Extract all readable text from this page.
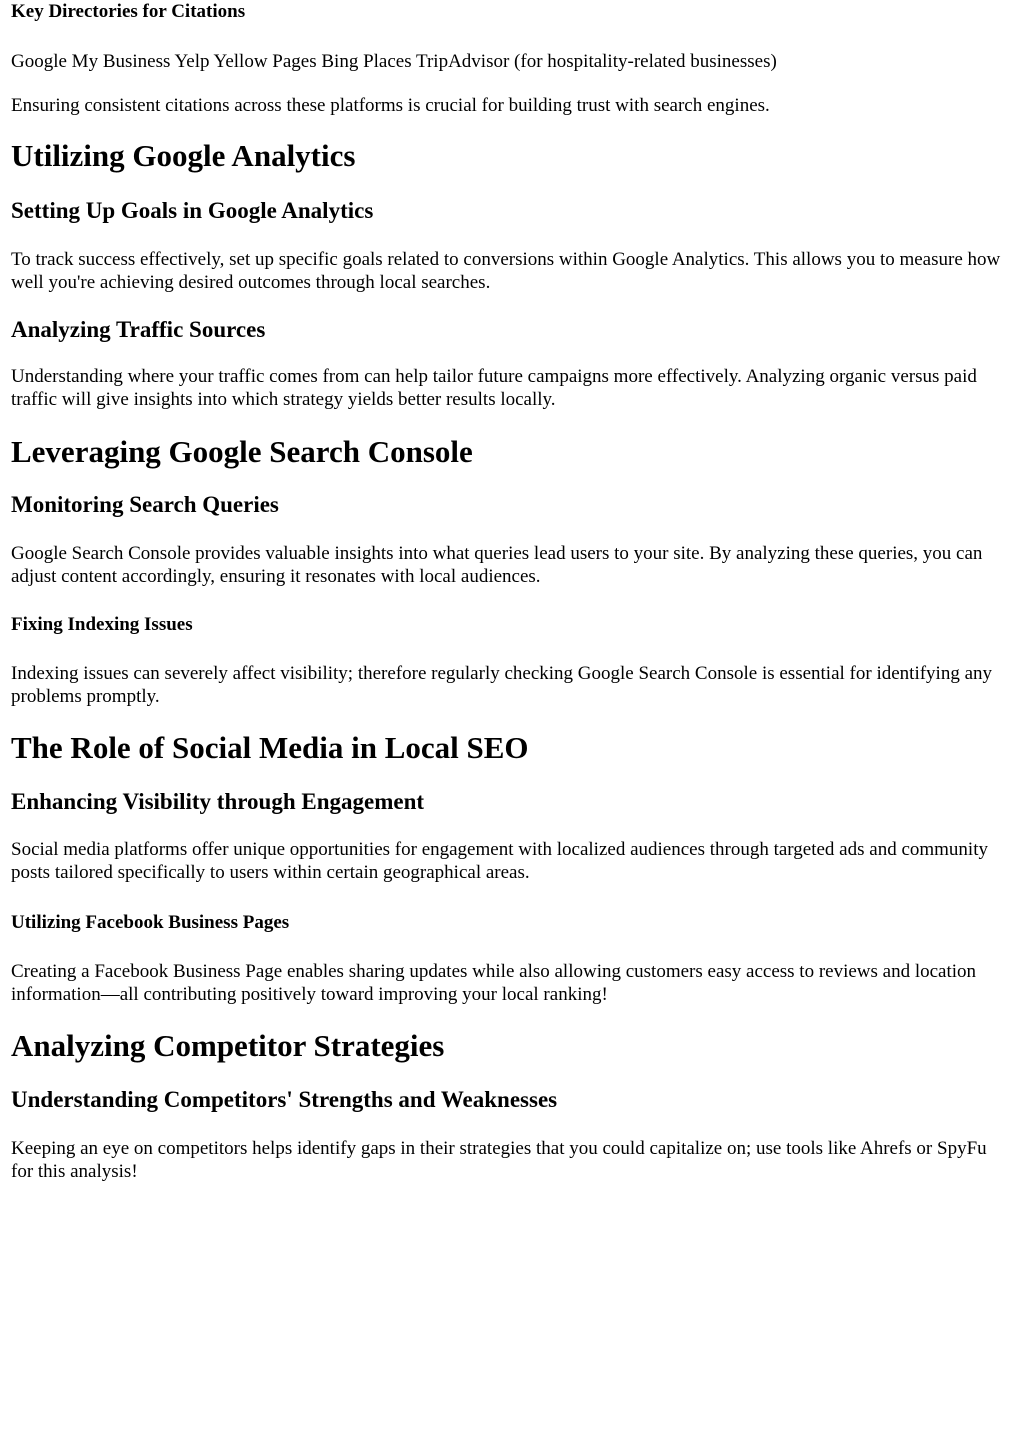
Key Directories for Citations

Google My Business Yelp Yellow Pages Bing Places TripAdvisor (for hospitality-related businesses)

Ensuring consistent citations across these platforms is crucial for building trust with search engines.

Utilizing Google Analytics
Setting Up Goals in Google Analytics

To track success effectively, set up specific goals related to conversions within Google Analytics. This allows you to measure how well you're achieving desired outcomes through local searches.

Analyzing Traffic Sources

Understanding where your traffic comes from can help tailor future campaigns more effectively. Analyzing organic versus paid traffic will give insights into which strategy yields better results locally.

Leveraging Google Search Console
Monitoring Search Queries

Google Search Console provides valuable insights into what queries lead users to your site. By analyzing these queries, you can adjust content accordingly, ensuring it resonates with local audiences.

Fixing Indexing Issues

Indexing issues can severely affect visibility; therefore regularly checking Google Search Console is essential for identifying any problems promptly.

The Role of Social Media in Local SEO
Enhancing Visibility through Engagement

Social media platforms offer unique opportunities for engagement with localized audiences through targeted ads and community posts tailored specifically to users within certain geographical areas.

Utilizing Facebook Business Pages

Creating a Facebook Business Page enables sharing updates while also allowing customers easy access to reviews and location information—all contributing positively toward improving your local ranking!

Analyzing Competitor Strategies
Understanding Competitors' Strengths and Weaknesses

Keeping an eye on competitors helps identify gaps in their strategies that you could capitalize on; use tools like Ahrefs or SpyFu for this analysis!
